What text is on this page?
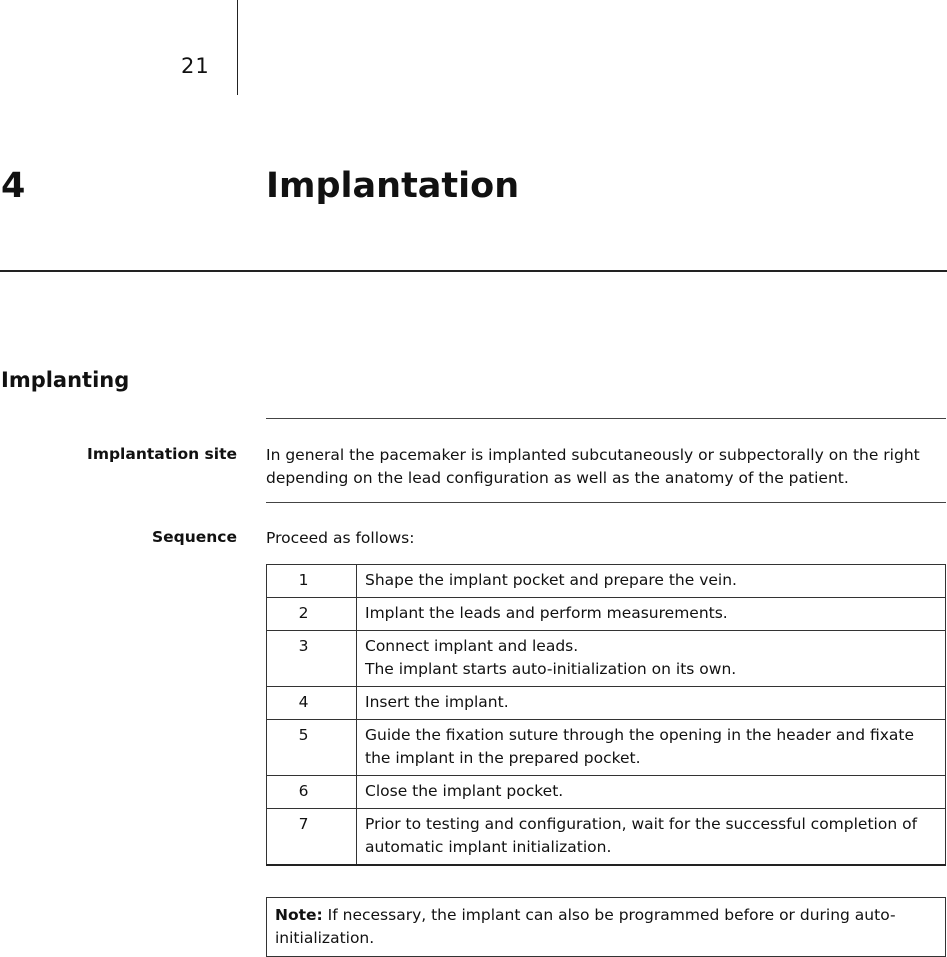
21
4	Implantation
Implanting
Implantation site In general the pacemaker is implanted subcutaneously or subpectorally on the right depending on the lead configuration as well as the anatomy of the patient.
Sequence Proceed as follows:
1	Shape the implant pocket and prepare the vein.

2	Implant the leads and perform measurements.

3	Connect implant and leads.
The implant starts auto-initialization on its own.

4	Insert the implant.

5	Guide the fixation suture through the opening in the header and fixate the implant in the prepared pocket.

6	Close the implant pocket.

7	Prior to testing and configuration, wait for the successful completion of automatic implant initialization.
Note: If necessary, the implant can also be programmed before or during auto-initialization.
